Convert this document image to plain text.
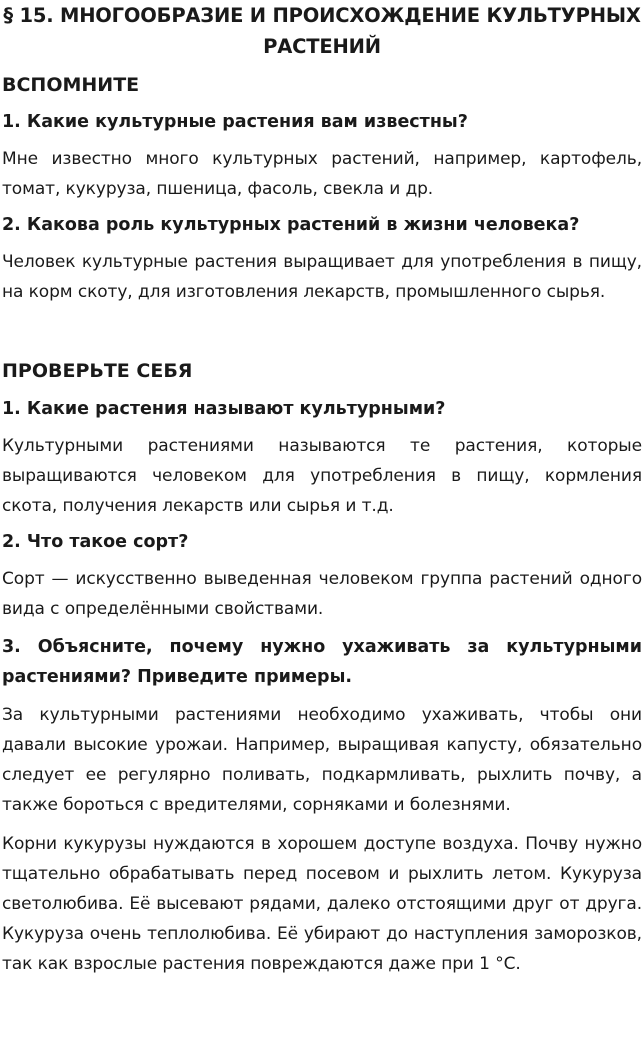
§ 15. МНОГООБРАЗИЕ И ПРОИСХОЖДЕНИЕ КУЛЬТУРНЫХ РАСТЕНИЙ
ВСПОМНИТЕ

1. Какие культурные растения вам известны?

Мне известно много культурных растений, например, картофель, томат, кукуруза, пшеница, фасоль, свекла и др.

2. Какова роль культурных растений в жизни человека?

Человек культурные растения выращивает для употребления в пищу, на корм скоту, для изготовления лекарств, промышленного сырья.

ПРОВЕРЬТЕ СЕБЯ

1. Какие растения называют культурными?

Культурными растениями называются те растения, которые выращиваются человеком для употребления в пищу, кормления скота, получения лекарств или сырья и т.д.

2. Что такое сорт?

Сорт — искусственно выведенная человеком группа растений одного вида с определёнными свойствами.

3. Объясните, почему нужно ухаживать за культурными растениями? Приведите примеры.

За культурными растениями необходимо ухаживать, чтобы они давали высокие урожаи. Например, выращивая капусту, обязательно следует ее регулярно поливать, подкармливать, рыхлить почву, а также бороться с вредителями, сорняками и болезнями.

Корни кукурузы нуждаются в хорошем доступе воздуха. Почву нужно тщательно обрабатывать перед посевом и рыхлить летом. Кукуруза светолюбива. Её высевают рядами, далеко отстоящими друг от друга. Кукуруза очень теплолюбива. Её убирают до наступления заморозков, так как взрослые растения повреждаются даже при 1 °С.
